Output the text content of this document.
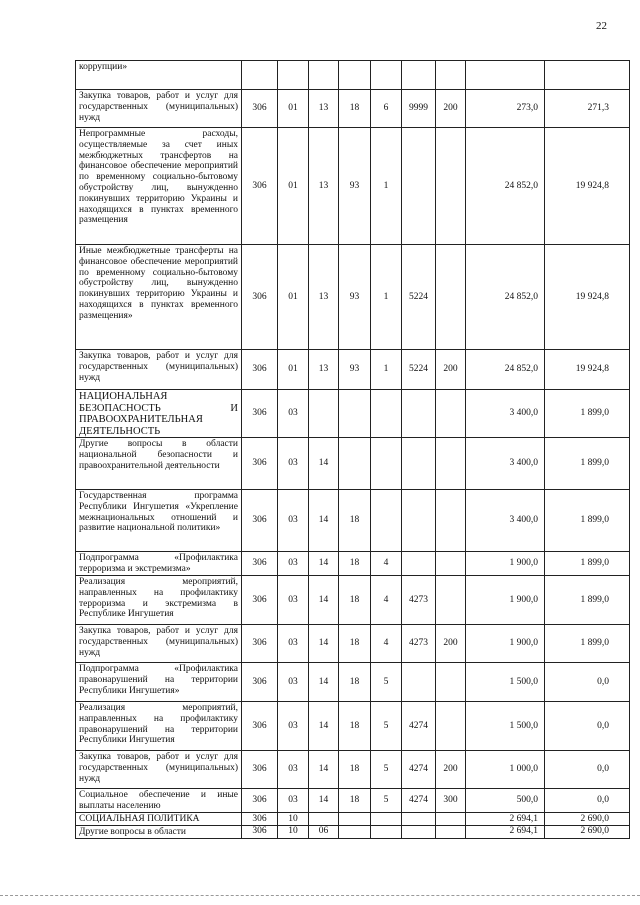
22
коррупции»									
Закупка товаров, работ и услуг для государственных (муниципальных) нужд	306	01	13	18	6	9999	200	273,0	271,3
Непрограммные расходы, осуществляемые за счет иных межбюджетных трансфертов на финансовое обеспечение мероприятий по временному социально-бытовому обустройству лиц, вынужденно покинувших территорию Украины и находящихся в пунктах временного размещения	306	01	13	93	1			24 852,0	19 924,8
Иные межбюджетные трансферты на финансовое обеспечение мероприятий по временному социально-бытовому обустройству лиц, вынужденно покинувших территорию Украины и находящихся в пунктах временного размещения»	306	01	13	93	1	5224		24 852,0	19 924,8
Закупка товаров, работ и услуг для государственных (муниципальных) нужд	306	01	13	93	1	5224	200	24 852,0	19 924,8
НАЦИОНАЛЬНАЯ БЕЗОПАСНОСТЬ И ПРАВООХРАНИТЕЛЬНАЯ ДЕЯТЕЛЬНОСТЬ	306	03						3 400,0	1 899,0
Другие вопросы в области национальной безопасности и правоохранительной деятельности	306	03	14					3 400,0	1 899,0
Государственная программа Республики Ингушетия «Укрепление межнациональных отношений и развитие национальной политики»	306	03	14	18				3 400,0	1 899,0
Подпрограмма «Профилактика терроризма и экстремизма»	306	03	14	18	4			1 900,0	1 899,0
Реализация мероприятий, направленных на профилактику терроризма и экстремизма в Республике Ингушетия	306	03	14	18	4	4273		1 900,0	1 899,0
Закупка товаров, работ и услуг для государственных (муниципальных) нужд	306	03	14	18	4	4273	200	1 900,0	1 899,0
Подпрограмма «Профилактика правонарушений на территории Республики Ингушетия»	306	03	14	18	5			1 500,0	0,0
Реализация мероприятий, направленных на профилактику правонарушений на территории Республики Ингушетия	306	03	14	18	5	4274		1 500,0	0,0
Закупка товаров, работ и услуг для государственных (муниципальных) нужд	306	03	14	18	5	4274	200	1 000,0	0,0
Социальное обеспечение и иные выплаты населению	306	03	14	18	5	4274	300	500,0	0,0
СОЦИАЛЬНАЯ ПОЛИТИКА	306	10						2 694,1	2 690,0
Другие вопросы в области	306	10	06					2 694,1	2 690,0
